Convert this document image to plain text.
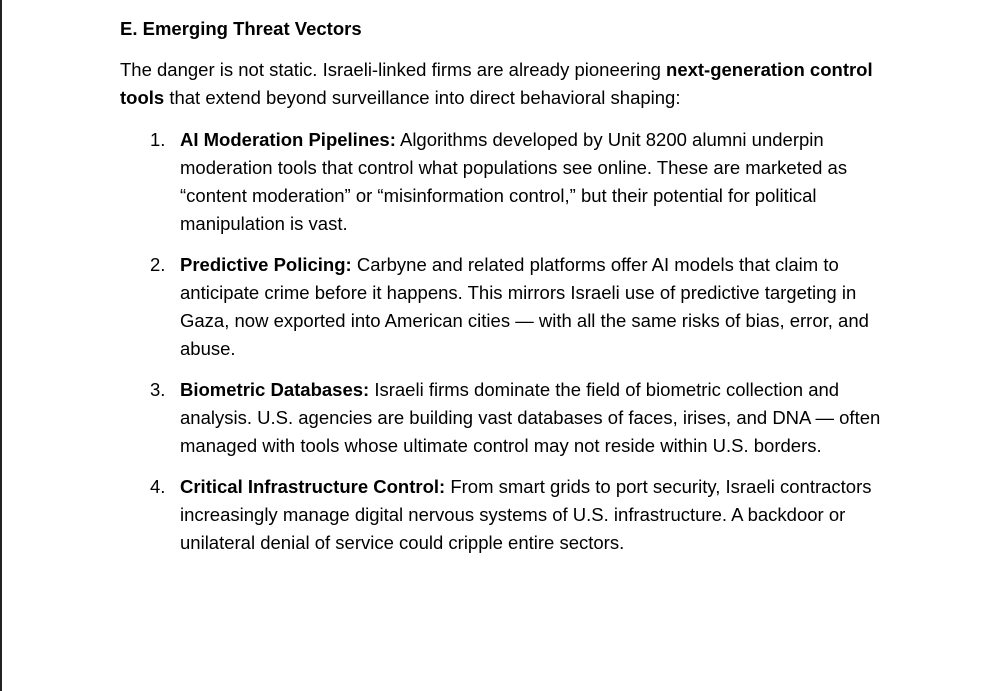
E. Emerging Threat Vectors

The danger is not static. Israeli-linked firms are already pioneering next-generation control tools that extend beyond surveillance into direct behavioral shaping:

1. AI Moderation Pipelines: Algorithms developed by Unit 8200 alumni underpin moderation tools that control what populations see online. These are marketed as “content moderation” or “misinformation control,” but their potential for political manipulation is vast.
2. Predictive Policing: Carbyne and related platforms offer AI models that claim to anticipate crime before it happens. This mirrors Israeli use of predictive targeting in Gaza, now exported into American cities — with all the same risks of bias, error, and abuse.
3. Biometric Databases: Israeli firms dominate the field of biometric collection and analysis. U.S. agencies are building vast databases of faces, irises, and DNA — often managed with tools whose ultimate control may not reside within U.S. borders.
4. Critical Infrastructure Control: From smart grids to port security, Israeli contractors increasingly manage digital nervous systems of U.S. infrastructure. A backdoor or unilateral denial of service could cripple entire sectors.
